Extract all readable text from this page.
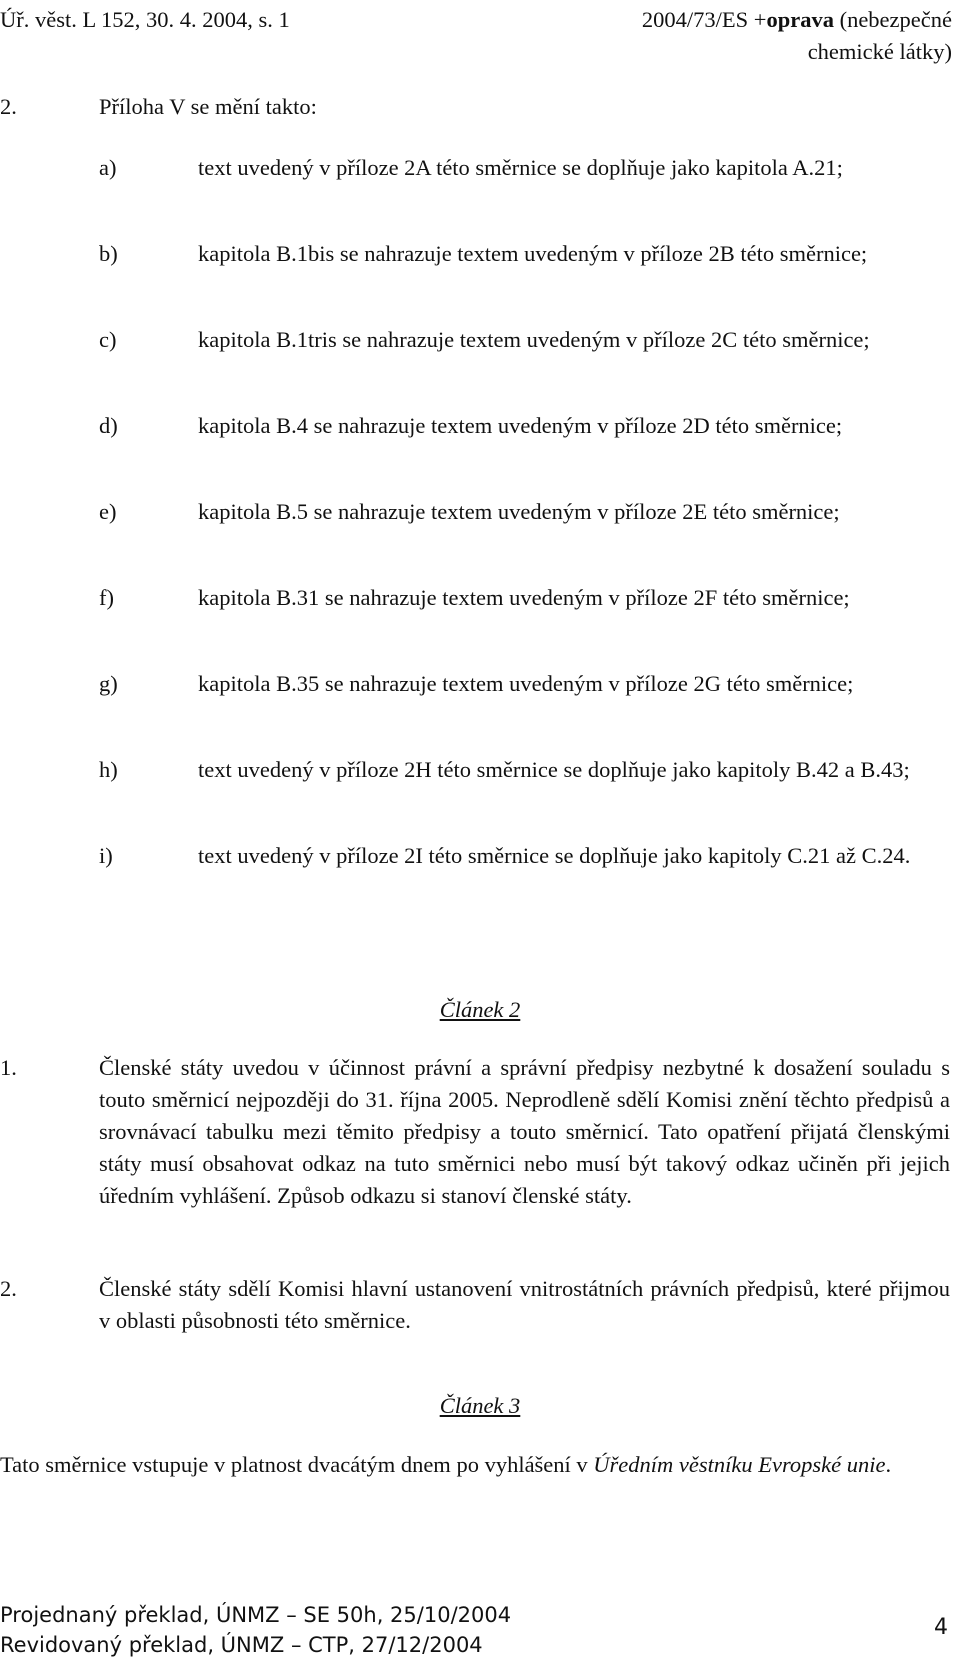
Úř. věst. L 152, 30. 4. 2004, s. 1	2004/73/ES +oprava (nebezpečné
chemické látky)
2.	Příloha V se mění takto:
a)	text uvedený v příloze 2A této směrnice se doplňuje jako kapitola A.21;
b)	kapitola B.1bis se nahrazuje textem uvedeným v příloze 2B této směrnice;
c)	kapitola B.1tris se nahrazuje textem uvedeným v příloze 2C této směrnice;
d)	kapitola B.4 se nahrazuje textem uvedeným v příloze 2D této směrnice;
e)	kapitola B.5 se nahrazuje textem uvedeným v příloze 2E této směrnice;
f)	kapitola B.31 se nahrazuje textem uvedeným v příloze 2F této směrnice;
g)	kapitola B.35 se nahrazuje textem uvedeným v příloze 2G této směrnice;
h)	text uvedený v příloze 2H této směrnice se doplňuje jako kapitoly B.42 a B.43;
i)	text uvedený v příloze 2I této směrnice se doplňuje jako kapitoly C.21 až C.24.
Článek 2
1.	Členské státy uvedou v účinnost právní a správní předpisy nezbytné k dosažení souladu s touto směrnicí nejpozději do 31. října 2005. Neprodleně sdělí Komisi znění těchto předpisů a srovnávací tabulku mezi těmito předpisy a touto směrnicí. Tato opatření přijatá členskými státy musí obsahovat odkaz na tuto směrnici nebo musí být takový odkaz učiněn při jejich úředním vyhlášení. Způsob odkazu si stanoví členské státy.
2.	Členské státy sdělí Komisi hlavní ustanovení vnitrostátních právních předpisů, které přijmou v oblasti působnosti této směrnice.
Článek 3
Tato směrnice vstupuje v platnost dvacátým dnem po vyhlášení v Úředním věstníku Evropské unie.
Projednaný překlad, ÚNMZ – SE 50h, 25/10/2004
Revidovaný překlad, ÚNMZ – CTP, 27/12/2004
4
